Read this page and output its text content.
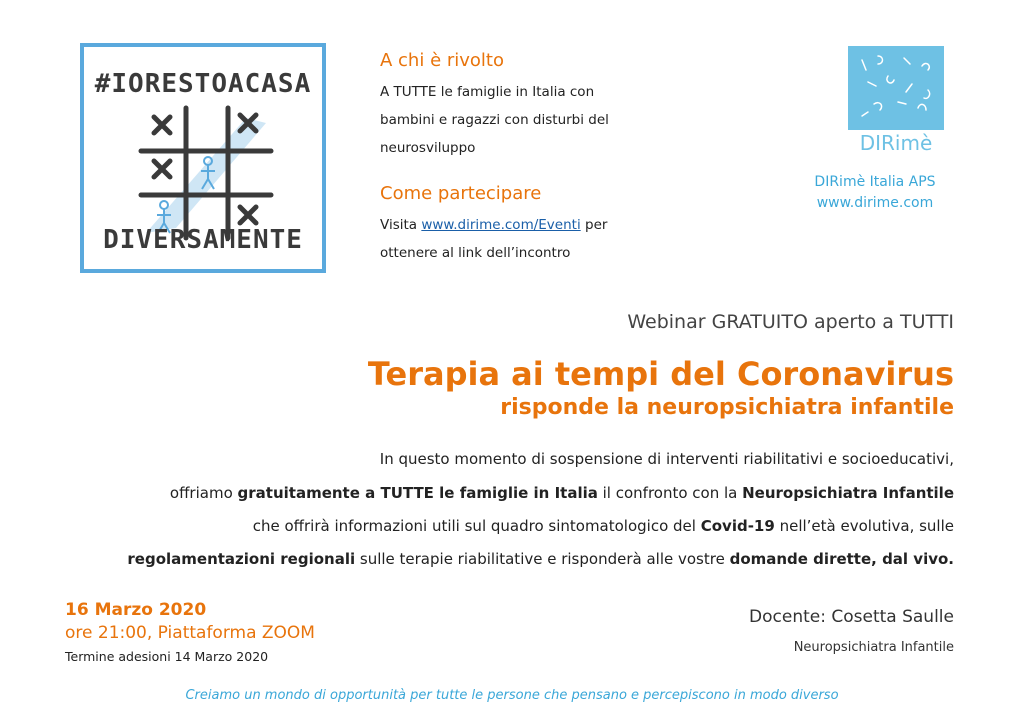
#IORESTOACASA
DIVERSAMENTE
A chi è rivolto
A TUTTE le famiglie in Italia con
bambini e ragazzi con disturbi del
neurosviluppo
Come partecipare
Visita www.dirime.com/Eventi per
ottenere al link dell’incontro
DIRimè
DIRimè Italia APS
www.dirime.com
Webinar GRATUITO aperto a TUTTI
Terapia ai tempi del Coronavirus
risponde la neuropsichiatra infantile
In questo momento di sospensione di interventi riabilitativi e socioeducativi,
offriamo gratuitamente a TUTTE le famiglie in Italia il confronto con la Neuropsichiatra Infantile
che offrirà informazioni utili sul quadro sintomatologico del Covid-19 nell’età evolutiva, sulle
regolamentazioni regionali sulle terapie riabilitative e risponderà alle vostre domande dirette, dal vivo.
16 Marzo 2020
ore 21:00, Piattaforma ZOOM
Termine adesioni 14 Marzo 2020
Docente: Cosetta Saulle
Neuropsichiatra Infantile
Creiamo un mondo di opportunità per tutte le persone che pensano e percepiscono in modo diverso
